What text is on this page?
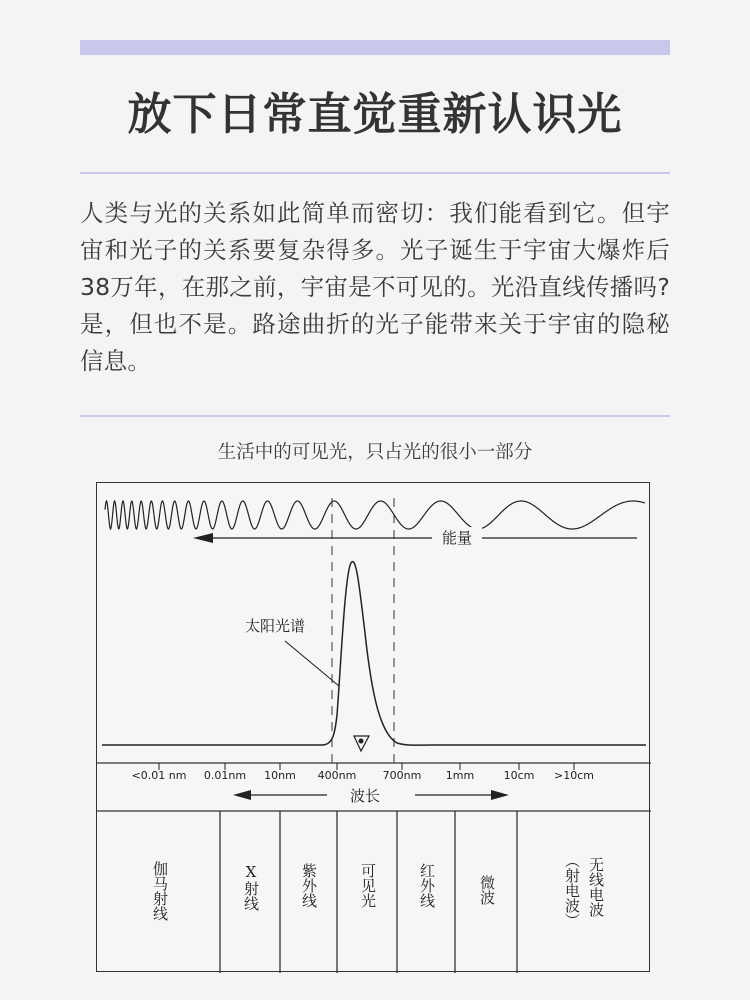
放下日常直觉重新认识光
人类与光的关系如此简单而密切：我们能看到它。但宇宙和光子的关系要复杂得多。光子诞生于宇宙大爆炸后38万年，在那之前，宇宙是不可见的。光沿直线传播吗?是，但也不是。路途曲折的光子能带来关于宇宙的隐秘信息。
生活中的可见光，只占光的很小一部分
能量
太阳光谱
<0.01 nm 0.01nm 10nm 400nm 700nm 1mm	10cm >10cm
波长
伽马射线	X射线	紫外线	可见光	红外线	微波	无线电波
（射电波）
